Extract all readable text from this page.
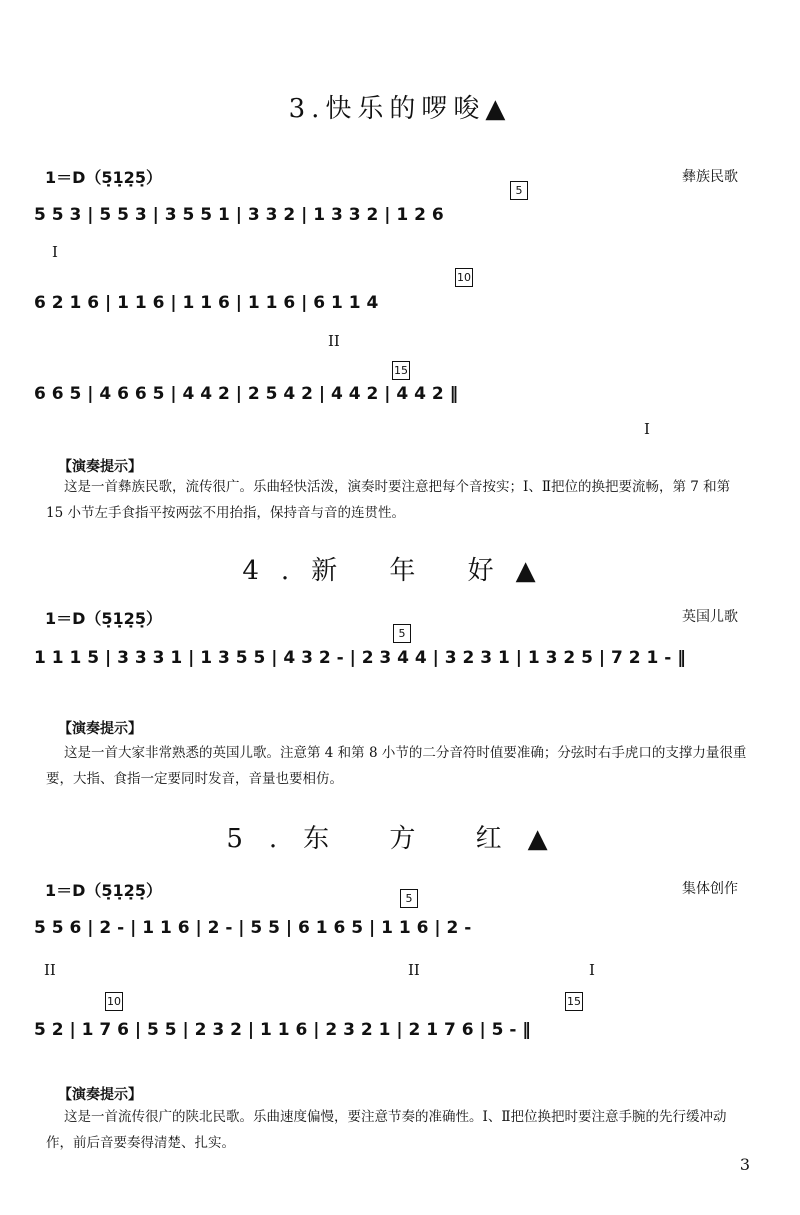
3.快乐的啰唆▲
1＝D（5̣1̣2̣5̣）	彝族民歌
5
5 5 3 | 5 5 3 | 3 5 5 1 | 3 3 2 | 1 3 3 2 | 1 2 6
I
10
6 2 1 6 | 1 1 6 | 1 1 6 | 1 1 6 | 6 1 1 4
II
15
6 6 5 | 4 6 6 5 | 4 4 2 | 2 5 4 2 | 4 4 2 | 4 4 2 ‖
I
【演奏提示】
这是一首彝族民歌，流传很广。乐曲轻快活泼，演奏时要注意把每个音按实；Ⅰ、Ⅱ把位的换把要流畅，第 7 和第 15 小节左手食指平按两弦不用抬指，保持音与音的连贯性。
4.新 年 好▲
1＝D（5̣1̣2̣5̣）	英国儿歌
5
1 1 1 5 | 3 3 3 1 | 1 3 5 5 | 4 3 2 - | 2 3 4 4 | 3 2 3 1 | 1 3 2 5 | 7 2 1 - ‖
【演奏提示】
这是一首大家非常熟悉的英国儿歌。注意第 4 和第 8 小节的二分音符时值要准确；分弦时右手虎口的支撑力量很重要，大指、食指一定要同时发音，音量也要相仿。
5.东 方 红▲
1＝D（5̣1̣2̣5̣）	集体创作
5
5 5 6 | 2 - | 1 1 6 | 2 - | 5 5 | 6 1 6 5 | 1 1 6 | 2 -
II	II	I
10	15
5 2 | 1 7 6 | 5 5 | 2 3 2 | 1 1 6 | 2 3 2 1 | 2 1 7 6 | 5 - ‖
【演奏提示】
这是一首流传很广的陕北民歌。乐曲速度偏慢，要注意节奏的准确性。Ⅰ、Ⅱ把位换把时要注意手腕的先行缓冲动作，前后音要奏得清楚、扎实。
3
